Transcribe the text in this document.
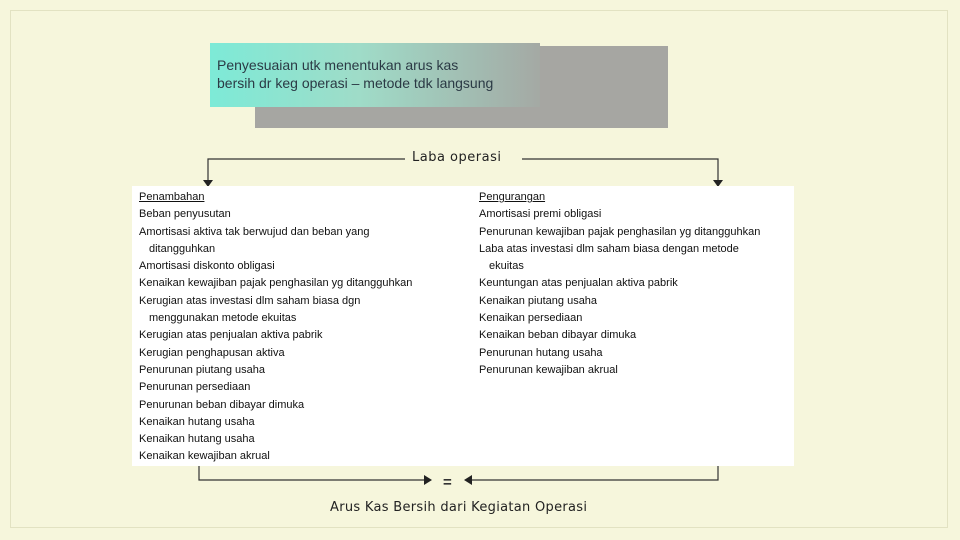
Penyesuaian utk menentukan arus kas
bersih dr keg operasi – metode tdk langsung
Laba operasi
Penambahan
Beban penyusutan
Amortisasi aktiva tak berwujud dan beban yang
ditangguhkan
Amortisasi diskonto obligasi
Kenaikan kewajiban pajak penghasilan yg ditangguhkan
Kerugian atas investasi dlm saham biasa dgn
menggunakan metode ekuitas
Kerugian atas penjualan aktiva pabrik
Kerugian penghapusan aktiva
Penurunan piutang usaha
Penurunan persediaan
Penurunan beban dibayar dimuka
Kenaikan hutang usaha
Kenaikan hutang usaha
Kenaikan kewajiban akrual
Pengurangan
Amortisasi premi obligasi
Penurunan kewajiban pajak penghasilan yg ditangguhkan
Laba atas investasi dlm saham biasa dengan metode
ekuitas
Keuntungan atas penjualan aktiva pabrik
Kenaikan piutang usaha
Kenaikan persediaan
Kenaikan beban dibayar dimuka
Penurunan hutang usaha
Penurunan kewajiban akrual
=
Arus Kas Bersih dari Kegiatan Operasi
